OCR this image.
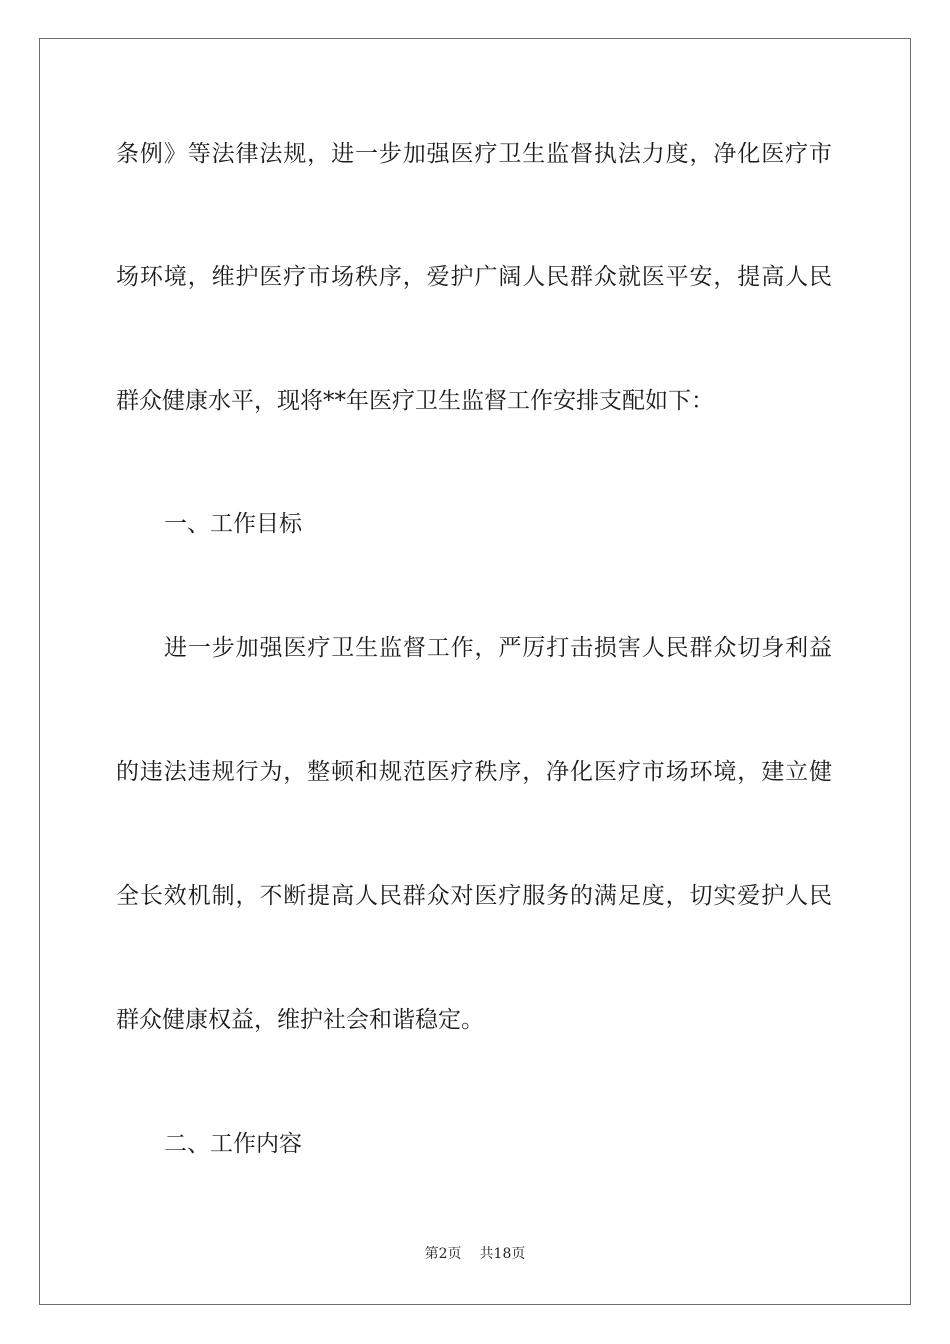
条例》等法律法规，进一步加强医疗卫生监督执法力度，净化医疗市
场环境，维护医疗市场秩序，爱护广阔人民群众就医平安，提高人民
群众健康水平，现将**年医疗卫生监督工作安排支配如下：
一、工作目标
进一步加强医疗卫生监督工作，严厉打击损害人民群众切身利益
的违法违规行为，整顿和规范医疗秩序，净化医疗市场环境，建立健
全长效机制，不断提高人民群众对医疗服务的满足度，切实爱护人民
群众健康权益，维护社会和谐稳定。
二、工作内容
第2页 共18页
